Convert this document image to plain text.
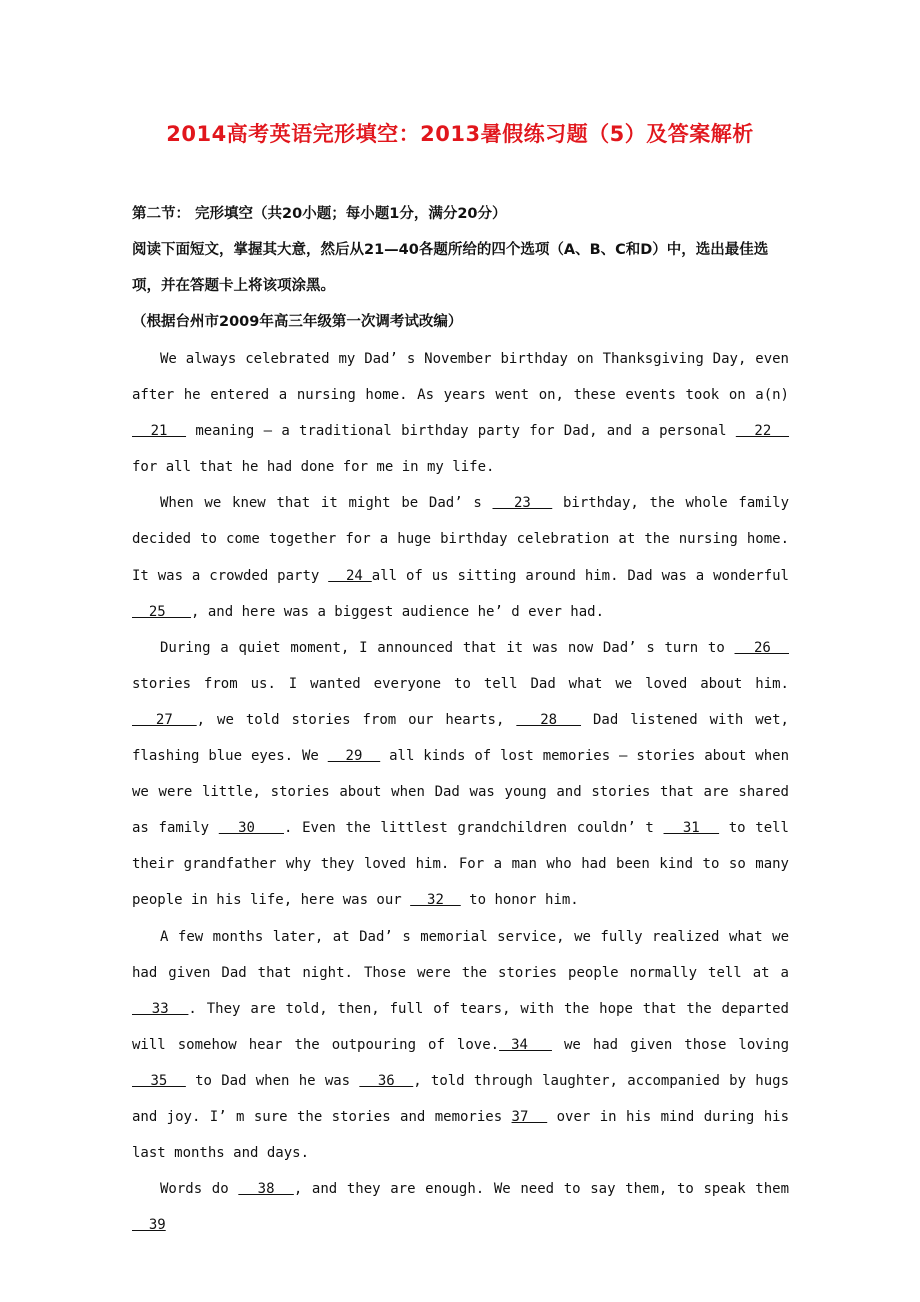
2014高考英语完形填空：2013暑假练习题（5）及答案解析
第二节： 完形填空（共20小题；每小题1分，满分20分）
阅读下面短文，掌握其大意，然后从21—40各题所给的四个选项（A、B、C和D）中，选出最佳选项，并在答题卡上将该项涂黑。
（根据台州市2009年高三年级第一次调考试改编）

We always celebrated my Dad’ s November birthday on Thanksgiving Day, even after he entered a nursing home. As years went on, these events took on a(n)   21   meaning – a traditional birthday party for Dad, and a personal   22   for all that he had done for me in my life.

When we knew that it might be Dad’ s   23   birthday, the whole family decided to come together for a huge birthday celebration at the nursing home. It was a crowded party   24 all of us sitting around him. Dad was a wonderful   25   , and here was a biggest audience he’ d ever had.

During a quiet moment, I announced that it was now Dad’ s turn to   26   stories from us. I wanted everyone to tell Dad what we loved about him.   27  , we told stories from our hearts,   28   Dad listened with wet, flashing blue eyes. We   29   all kinds of lost memories – stories about when we were little, stories about when Dad was young and stories that are shared as family   30   . Even the littlest grandchildren couldn’ t   31   to tell their grandfather why they loved him. For a man who had been kind to so many people in his life, here was our   32   to honor him.

A few months later, at Dad’ s memorial service, we fully realized what we had given Dad that night. Those were the stories people normally tell at a   33  . They are told, then, full of tears, with the hope that the departed will somehow hear the outpouring of love. 34   we had given those loving   35   to Dad when he was   36  , told through laughter, accompanied by hugs and joy. I’ m sure the stories and memories 37   over in his mind during his last months and days.

Words do   38  , and they are enough. We need to say them, to speak them   39
